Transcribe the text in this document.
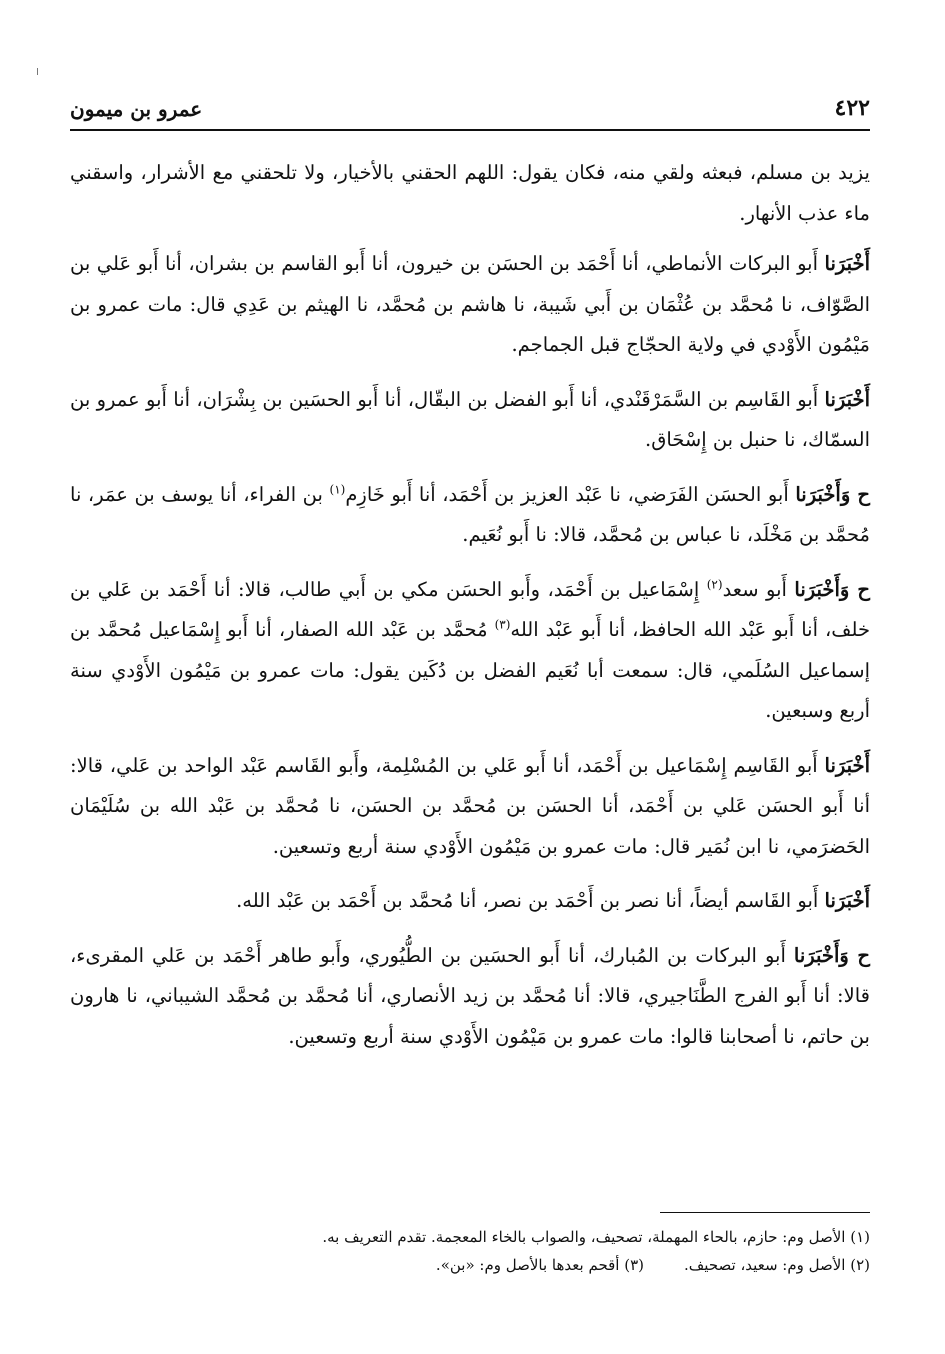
٤٢٢
عمرو بن ميمون

يزيد بن مسلم، فبعثه ولقي منه، فكان يقول: اللهم الحقني بالأخيار، ولا تلحقني مع الأشرار، واسقني ماء عذب الأنهار.

أَخْبَرَنا أَبو البركات الأنماطي، أنا أَحْمَد بن الحسَن بن خيرون، أنا أَبو القاسم بن بشران، أنا أَبو عَلي بن الصَّوّاف، نا مُحمَّد بن عُثْمَان بن أَبي شَيبة، نا هاشم بن مُحمَّد، نا الهيثم بن عَدِي قال: مات عمرو بن مَيْمُون الأَوْدي في ولاية الحجّاج قبل الجماجم.

أَخْبَرَنا أَبو القَاسِم بن السَّمَرْقَنْدي، أنا أَبو الفضل بن البقّال، أنا أَبو الحسَين بن بِشْرَان، أنا أَبو عمرو بن السمّاك، نا حنبل بن إِسْحَاق.

ح وَأَخْبَرَنا أَبو الحسَن الفَرَضي، نا عَبْد العزيز بن أَحْمَد، أنا أَبو خَازِم$^{(١)}$ بن الفراء، أنا يوسف بن عمَر، نا مُحمَّد بن مَخْلَد، نا عباس بن مُحمَّد، قالا: نا أَبو نُعَيم.

ح وَأَخْبَرَنا أَبو سعد$^{(٢)}$ إِسْمَاعيل بن أَحْمَد، وأَبو الحسَن مكي بن أَبي طالب، قالا: أنا أَحْمَد بن عَلي بن خلف، أنا أَبو عَبْد الله الحافظ، أنا أَبو عَبْد الله$^{(٣)}$ مُحمَّد بن عَبْد الله الصفار، أنا أَبو إِسْمَاعيل مُحمَّد بن إسماعيل السُلَمي، قال: سمعت أبا نُعَيم الفضل بن دُكَين يقول: مات عمرو بن مَيْمُون الأَوْدي سنة أربع وسبعين.

أَخْبَرَنا أَبو القَاسِم إِسْمَاعيل بن أَحْمَد، أنا أَبو عَلي بن المُسْلِمة، وأَبو القَاسم عَبْد الواحد بن عَلي، قالا: أنا أَبو الحسَن عَلي بن أَحْمَد، أنا الحسَن بن مُحمَّد بن الحسَن، نا مُحمَّد بن عَبْد الله بن سُلَيْمَان الحَضرَمي، نا ابن نُمَير قال: مات عمرو بن مَيْمُون الأَوْدي سنة أربع وتسعين.

أَخْبَرَنا أَبو القَاسم أيضاً، أنا نصر بن أَحْمَد بن نصر، أنا مُحمَّد بن أَحْمَد بن عَبْد الله.

ح وَأَخْبَرَنا أَبو البركات بن المُبارك، أنا أَبو الحسَين بن الطُّيُوري، وأَبو طاهر أَحْمَد بن عَلي المقرىء، قالا: أنا أَبو الفرج الطَّنَاجيري، قالا: أنا مُحمَّد بن زيد الأنصاري، أنا مُحمَّد بن مُحمَّد الشيباني، نا هارون بن حاتم، نا أصحابنا قالوا: مات عمرو بن مَيْمُون الأَوْدي سنة أربع وتسعين.

(١) الأصل وم: حازم، بالحاء المهملة، تصحيف، والصواب بالخاء المعجمة. تقدم التعريف به.
(٢) الأصل وم: سعيد، تصحيف.
(٣) أقحم بعدها بالأصل وم: «بن».
